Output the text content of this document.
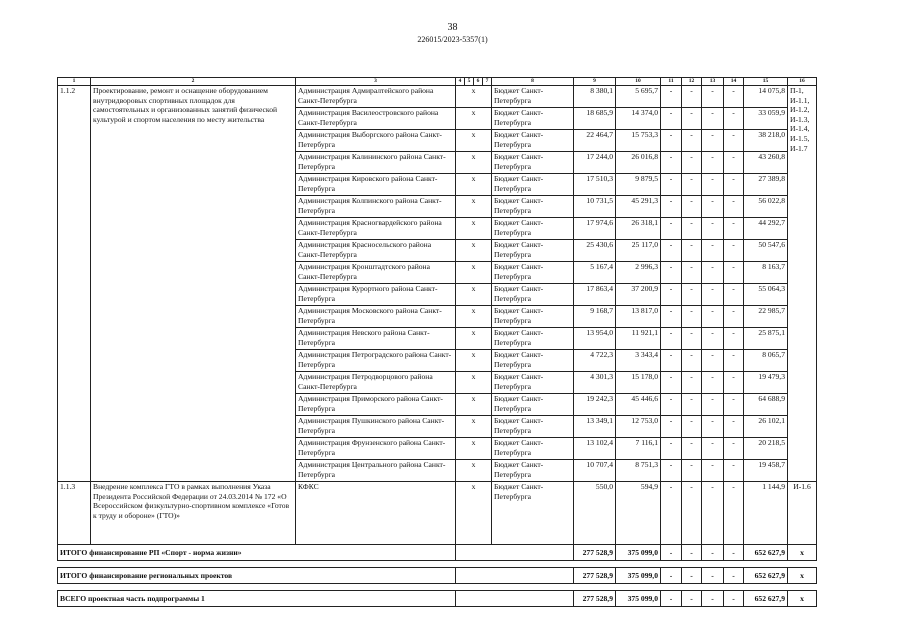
38
226015/2023-5357(1)
1	2	3	4	5	6	7	8	9	10	11	12	13	14	15	16
1.1.2	Проектирование, ремонт и оснащение оборудованием внутридворовых спортивных площадок для самостоятельных и организованных занятий физической культурой и спортом населения по месту жительства	Администрация Адмиралтейского района Санкт-Петербурга	x				Бюджет Санкт-Петербурга	8 380,1	5 695,7	-	-	-	-	14 075,8	П-1, И-1.1, И-1.2, И-1.3, И-1.4, И-1.5, И-1.7
		Администрация Василеостровского района Санкт-Петербурга	x				Бюджет Санкт-Петербурга	18 685,9	14 374,0	-	-	-	-	33 059,9	
		Администрация Выборгского района Санкт-Петербурга	x				Бюджет Санкт-Петербурга	22 464,7	15 753,3	-	-	-	-	38 218,0	
		Администрация Калининского района Санкт-Петербурга	x				Бюджет Санкт-Петербурга	17 244,0	26 016,8	-	-	-	-	43 260,8	
		Администрация Кировского района Санкт-Петербурга	x				Бюджет Санкт-Петербурга	17 510,3	9 879,5	-	-	-	-	27 389,8	
		Администрация Колпинского района Санкт-Петербурга	x				Бюджет Санкт-Петербурга	10 731,5	45 291,3	-	-	-	-	56 022,8	
		Администрация Красногвардейского района Санкт-Петербурга	x				Бюджет Санкт-Петербурга	17 974,6	26 318,1	-	-	-	-	44 292,7	
		Администрация Красносельского района Санкт-Петербурга	x				Бюджет Санкт-Петербурга	25 430,6	25 117,0	-	-	-	-	50 547,6	
		Администрация Кронштадтского района Санкт-Петербурга	x				Бюджет Санкт-Петербурга	5 167,4	2 996,3	-	-	-	-	8 163,7	
		Администрация Курортного района Санкт-Петербурга	x				Бюджет Санкт-Петербурга	17 863,4	37 200,9	-	-	-	-	55 064,3	
		Администрация Московского района Санкт-Петербурга	x				Бюджет Санкт-Петербурга	9 168,7	13 817,0	-	-	-	-	22 985,7	
		Администрация Невского района Санкт-Петербурга	x				Бюджет Санкт-Петербурга	13 954,0	11 921,1	-	-	-	-	25 875,1	
		Администрация Петроградского района Санкт-Петербурга	x				Бюджет Санкт-Петербурга	4 722,3	3 343,4	-	-	-	-	8 065,7	
		Администрация Петродворцового района Санкт-Петербурга	x				Бюджет Санкт-Петербурга	4 301,3	15 178,0	-	-	-	-	19 479,3	
		Администрация Приморского района Санкт-Петербурга	x				Бюджет Санкт-Петербурга	19 242,3	45 446,6	-	-	-	-	64 688,9	
		Администрация Пушкинского района Санкт-Петербурга	x				Бюджет Санкт-Петербурга	13 349,1	12 753,0	-	-	-	-	26 102,1	
		Администрация Фрунзенского района Санкт-Петербурга	x				Бюджет Санкт-Петербурга	13 102,4	7 116,1	-	-	-	-	20 218,5	
		Администрация Центрального района Санкт-Петербурга	x				Бюджет Санкт-Петербурга	10 707,4	8 751,3	-	-	-	-	19 458,7	
1.1.3	Внедрение комплекса ГТО в рамках выполнения Указа Президента Российской Федерации от 24.03.2014 № 172 «О Всероссийском физкультурно-спортивном комплексе «Готов к труду и обороне» (ГТО)»	КФКС	x				Бюджет Санкт-Петербурга	550,0	594,9	-	-	-	-	1 144,9	И-1.6
ИТОГО финансирование РП «Спорт - норма жизни»								277 528,9	375 099,0	-	-	-	-	652 627,9	x

ИТОГО финансирование региональных проектов								277 528,9	375 099,0	-	-	-	-	652 627,9	x

ВСЕГО проектная часть подпрограммы 1								277 528,9	375 099,0	-	-	-	-	652 627,9	x
